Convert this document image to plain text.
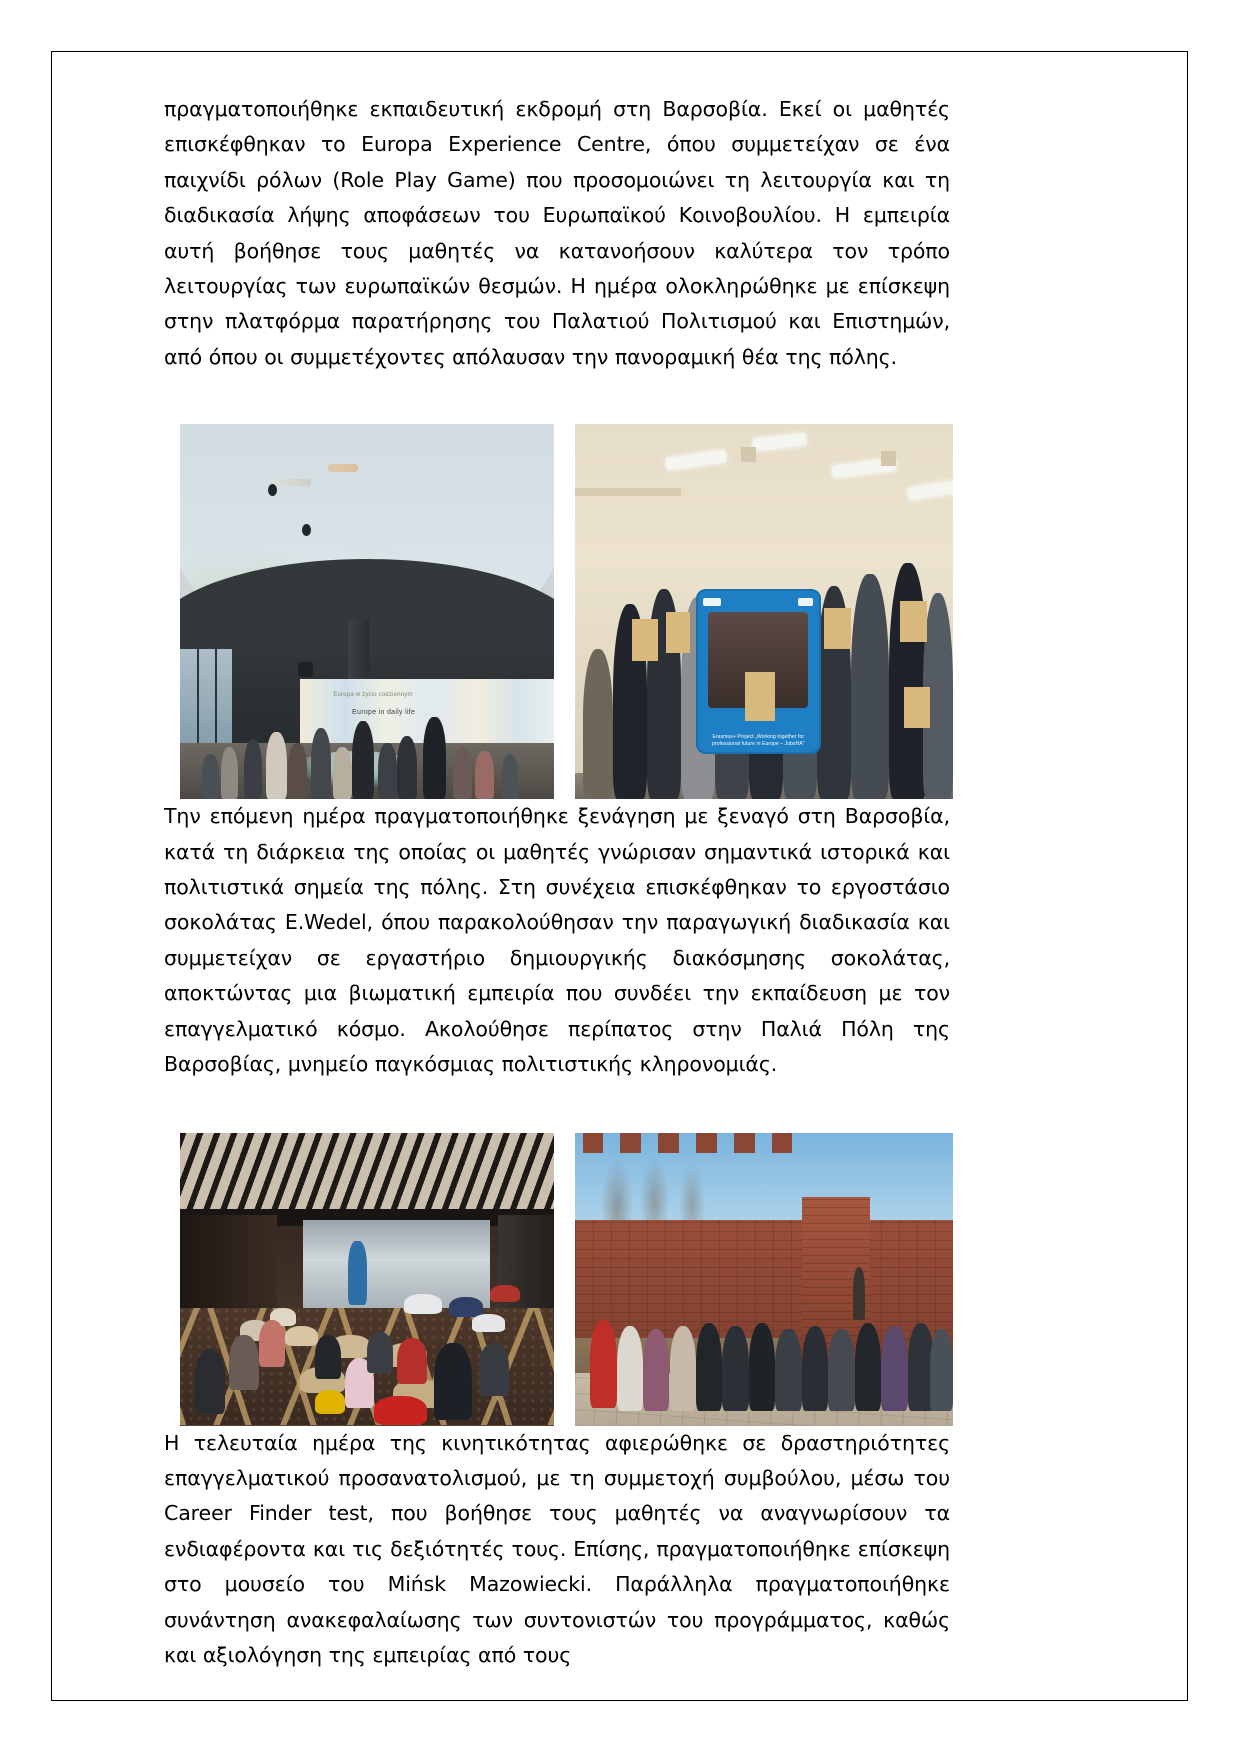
πραγματοποιήθηκε εκπαιδευτική εκδρομή στη Βαρσοβία. Εκεί οι μαθητές επισκέφθηκαν το Europa Experience Centre, όπου συμμετείχαν σε ένα παιχνίδι ρόλων (Role Play Game) που προσομοιώνει τη λειτουργία και τη διαδικασία λήψης αποφάσεων του Ευρωπαϊκού Κοινοβουλίου. Η εμπειρία αυτή βοήθησε τους μαθητές να κατανοήσουν καλύτερα τον τρόπο λειτουργίας των ευρωπαϊκών θεσμών. Η ημέρα ολοκληρώθηκε με επίσκεψη στην πλατφόρμα παρατήρησης του Παλατιού Πολιτισμού και Επιστημών, από όπου οι συμμετέχοντες απόλαυσαν την πανοραμική θέα της πόλης.

Europa w życiu codziennym
Europe in daily life
Erasmus+ Project „Working together for professional future in Europe – JobsHA"

Την επόμενη ημέρα πραγματοποιήθηκε ξενάγηση με ξεναγό στη Βαρσοβία, κατά τη διάρκεια της οποίας οι μαθητές γνώρισαν σημαντικά ιστορικά και πολιτιστικά σημεία της πόλης. Στη συνέχεια επισκέφθηκαν το εργοστάσιο σοκολάτας E.Wedel, όπου παρακολούθησαν την παραγωγική διαδικασία και συμμετείχαν σε εργαστήριο δημιουργικής διακόσμησης σοκολάτας, αποκτώντας μια βιωματική εμπειρία που συνδέει την εκπαίδευση με τον επαγγελματικό κόσμο. Ακολούθησε περίπατος στην Παλιά Πόλη της Βαρσοβίας, μνημείο παγκόσμιας πολιτιστικής κληρονομιάς.

Η τελευταία ημέρα της κινητικότητας αφιερώθηκε σε δραστηριότητες επαγγελματικού προσανατολισμού, με τη συμμετοχή συμβούλου, μέσω του Career Finder test, που βοήθησε τους μαθητές να αναγνωρίσουν τα ενδιαφέροντα και τις δεξιότητές τους. Επίσης, πραγματοποιήθηκε επίσκεψη στο μουσείο του Mińsk Mazowiecki. Παράλληλα πραγματοποιήθηκε συνάντηση ανακεφαλαίωσης των συντονιστών του προγράμματος, καθώς και αξιολόγηση της εμπειρίας από τους
